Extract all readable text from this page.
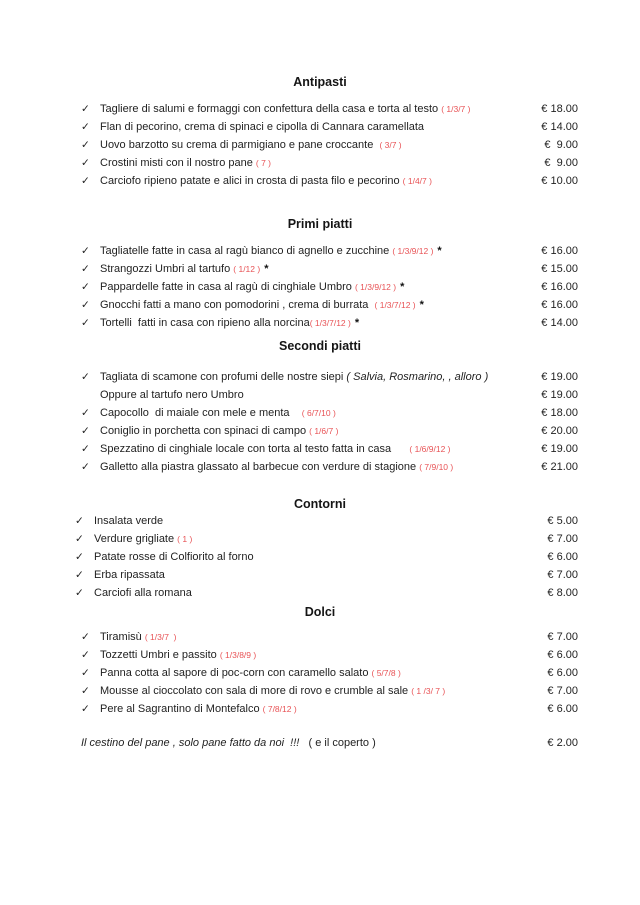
Antipasti
✓ Tagliere di salumi e formaggi con confettura della casa e torta al testo ( 1/3/7 )	€ 18.00
✓ Flan di pecorino, crema di spinaci e cipolla di Cannara caramellata	€ 14.00
✓ Uovo barzotto su crema di parmigiano e pane croccante  ( 3/7 )	€  9.00
✓ Crostini misti con il nostro pane ( 7 )	€  9.00
✓ Carciofo ripieno patate e alici in crosta di pasta filo e pecorino ( 1/4/7 )	€ 10.00
Primi piatti
✓ Tagliatelle fatte in casa al ragù bianco di agnello e zucchine ( 1/3/9/12 ) *	€ 16.00
✓ Strangozzi Umbri al tartufo ( 1/12 ) *	€ 15.00
✓ Pappardelle fatte in casa al ragù di cinghiale Umbro ( 1/3/9/12 ) *	€ 16.00
✓ Gnocchi fatti a mano con pomodorini , crema di burrata  ( 1/3/7/12 ) *	€ 16.00
✓ Tortelli  fatti in casa con ripieno alla norcina( 1/3/7/12 ) *	€ 14.00
Secondi piatti
✓ Tagliata di scamone con profumi delle nostre siepi ( Salvia, Rosmarino, , alloro )	€ 19.00
Oppure al tartufo nero Umbro	€ 19.00
✓ Capocollo  di maiale con mele e menta    ( 6/7/10 )	€ 18.00
✓ Coniglio in porchetta con spinaci di campo ( 1/6/7 )	€ 20.00
✓ Spezzatino di cinghiale locale con torta al testo fatta in casa      ( 1/6/9/12 )	€ 19.00
✓ Galletto alla piastra glassato al barbecue con verdure di stagione ( 7/9/10 )	€ 21.00
Contorni
✓ Insalata verde	€ 5.00
✓ Verdure grigliate ( 1 )	€ 7.00
✓ Patate rosse di Colfiorito al forno	€ 6.00
✓ Erba ripassata	€ 7.00
✓ Carciofi alla romana	€ 8.00
Dolci
✓ Tiramisù ( 1/3/7  )	€ 7.00
✓ Tozzetti Umbri e passito ( 1/3/8/9 )	€ 6.00
✓ Panna cotta al sapore di poc-corn con caramello salato ( 5/7/8 )	€ 6.00
✓ Mousse al cioccolato con sala di more di rovo e crumble al sale ( 1 /3/ 7 )	€ 7.00
✓ Pere al Sagrantino di Montefalco ( 7/8/12 )	€ 6.00
Il cestino del pane , solo pane fatto da noi  !!!   ( e il coperto )	€ 2.00
